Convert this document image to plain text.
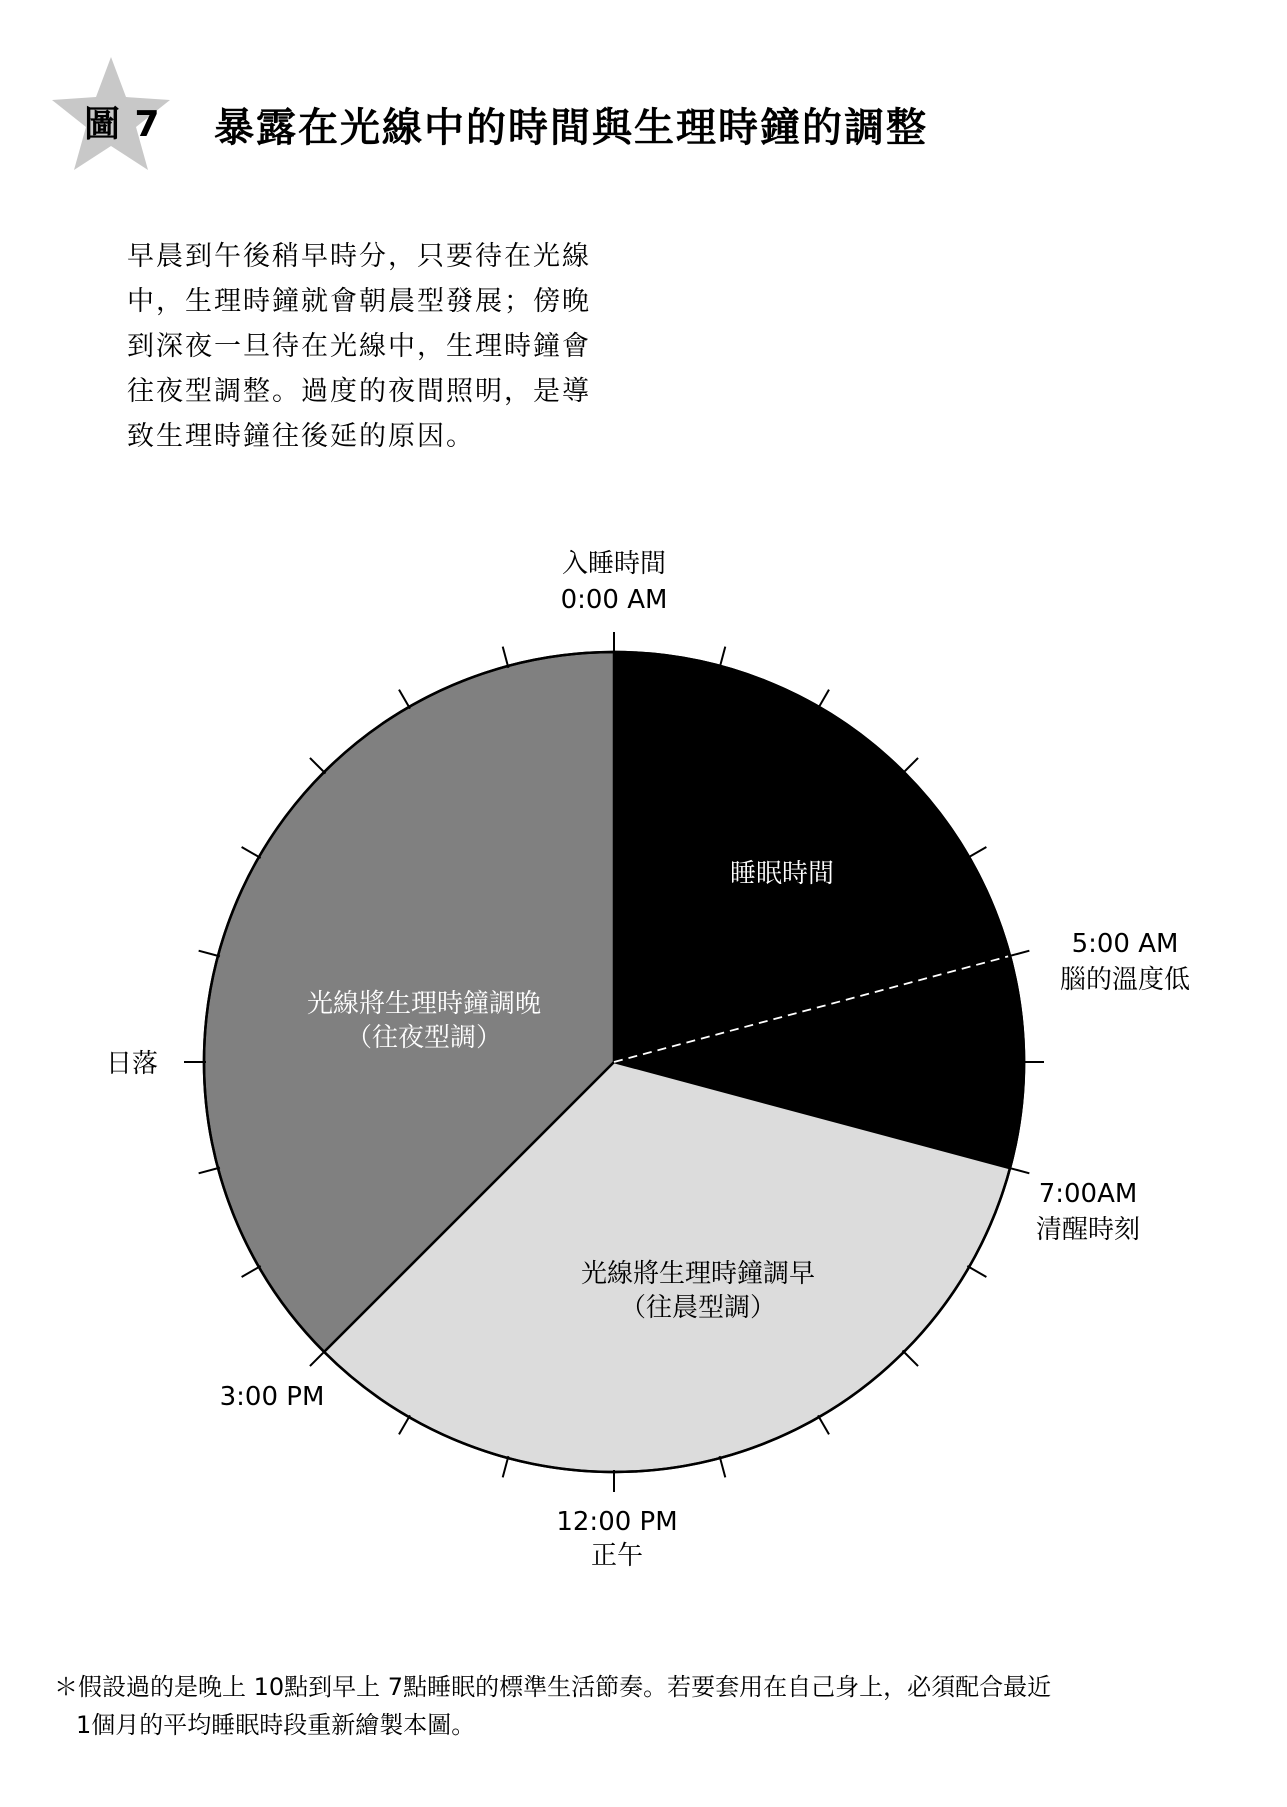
圖 7 暴露在光線中的時間與生理時鐘的調整
早晨到午後稍早時分，只要待在光線
中，生理時鐘就會朝晨型發展；傍晚
到深夜一旦待在光線中，生理時鐘會
往夜型調整。過度的夜間照明，是導
致生理時鐘往後延的原因。
入睡時間
0:00 AM
5:00 AM
腦的溫度低
7:00AM
清醒時刻
12:00 PM
正午
3:00 PM
日落
睡眠時間
光線將生理時鐘調晚
（往夜型調）
光線將生理時鐘調早
（往晨型調）
＊假設過的是晚上 10點到早上 7點睡眠的標準生活節奏。若要套用在自己身上，必須配合最近
1個月的平均睡眠時段重新繪製本圖。
